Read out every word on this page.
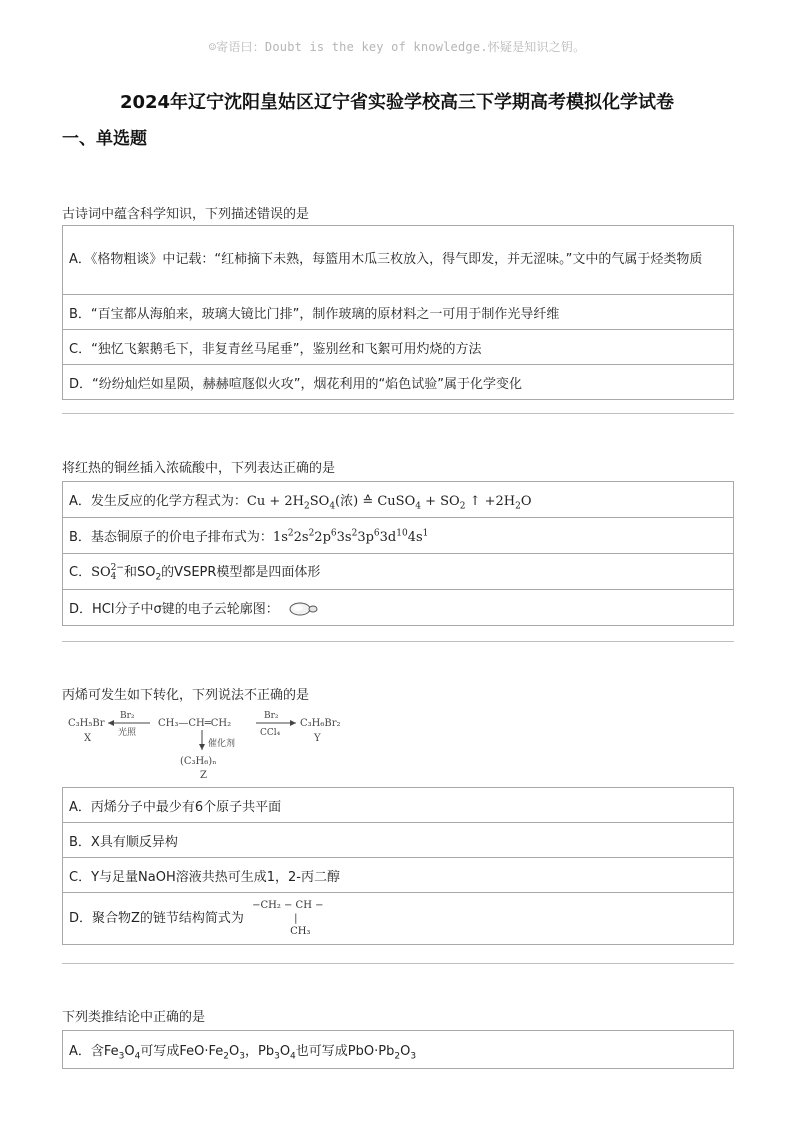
☺寄语曰：Doubt is the key of knowledge.怀疑是知识之钥。
2024年辽宁沈阳皇姑区辽宁省实验学校高三下学期高考模拟化学试卷
一、单选题
古诗词中蕴含科学知识，下列描述错误的是
A．《格物粗谈》中记载：“红柿摘下未熟，每篮用木瓜三枚放入，得气即发，并无涩味。”文中的气属于烃类物质
B．“百宝都从海舶来，玻璃大镜比门排”，制作玻璃的原材料之一可用于制作光导纤维
C．“独忆飞絮鹅毛下，非复青丝马尾垂”，鉴别丝和飞絮可用灼烧的方法
D．“纷纷灿烂如星陨，赫赫喧豗似火攻”，烟花利用的“焰色试验”属于化学变化
将红热的铜丝插入浓硫酸中，下列表达正确的是
A．发生反应的化学方程式为：$Cu + 2H_2SO_4$(浓) ≙ CuSO$_4$ + $SO_2$ ↑ $+2H_2O$
B．基态铜原子的价电子排布式为：$1s^22s^22p^63s^23p^63d^{10}4s^1$
C．SO 2−
4 和$SO_2$的VSEPR模型都是四面体形
D．HCl分子中σ键的电子云轮廓图：
丙烯可发生如下转化，下列说法不正确的是
C₃H₅Br
X
Br₂
光照
CH₃—CH═CH₂
Br₂
CCl₄
C₃H₆Br₂
Y
催化剂
(C₃H₆)ₙ
Z
A．丙烯分子中最少有6个原子共平面
B．X具有顺反异构
C．Y与足量NaOH溶液共热可生成1，2-丙二醇
D．聚合物Z的链节结构简式为
−CH₂ − CH −
|
CH₃
下列类推结论中正确的是
A．含$Fe_3O_4$可写成$FeO\cdot Fe_2O_3$，$Pb_3O_4$也可写成$PbO\cdot Pb_2O_3$
